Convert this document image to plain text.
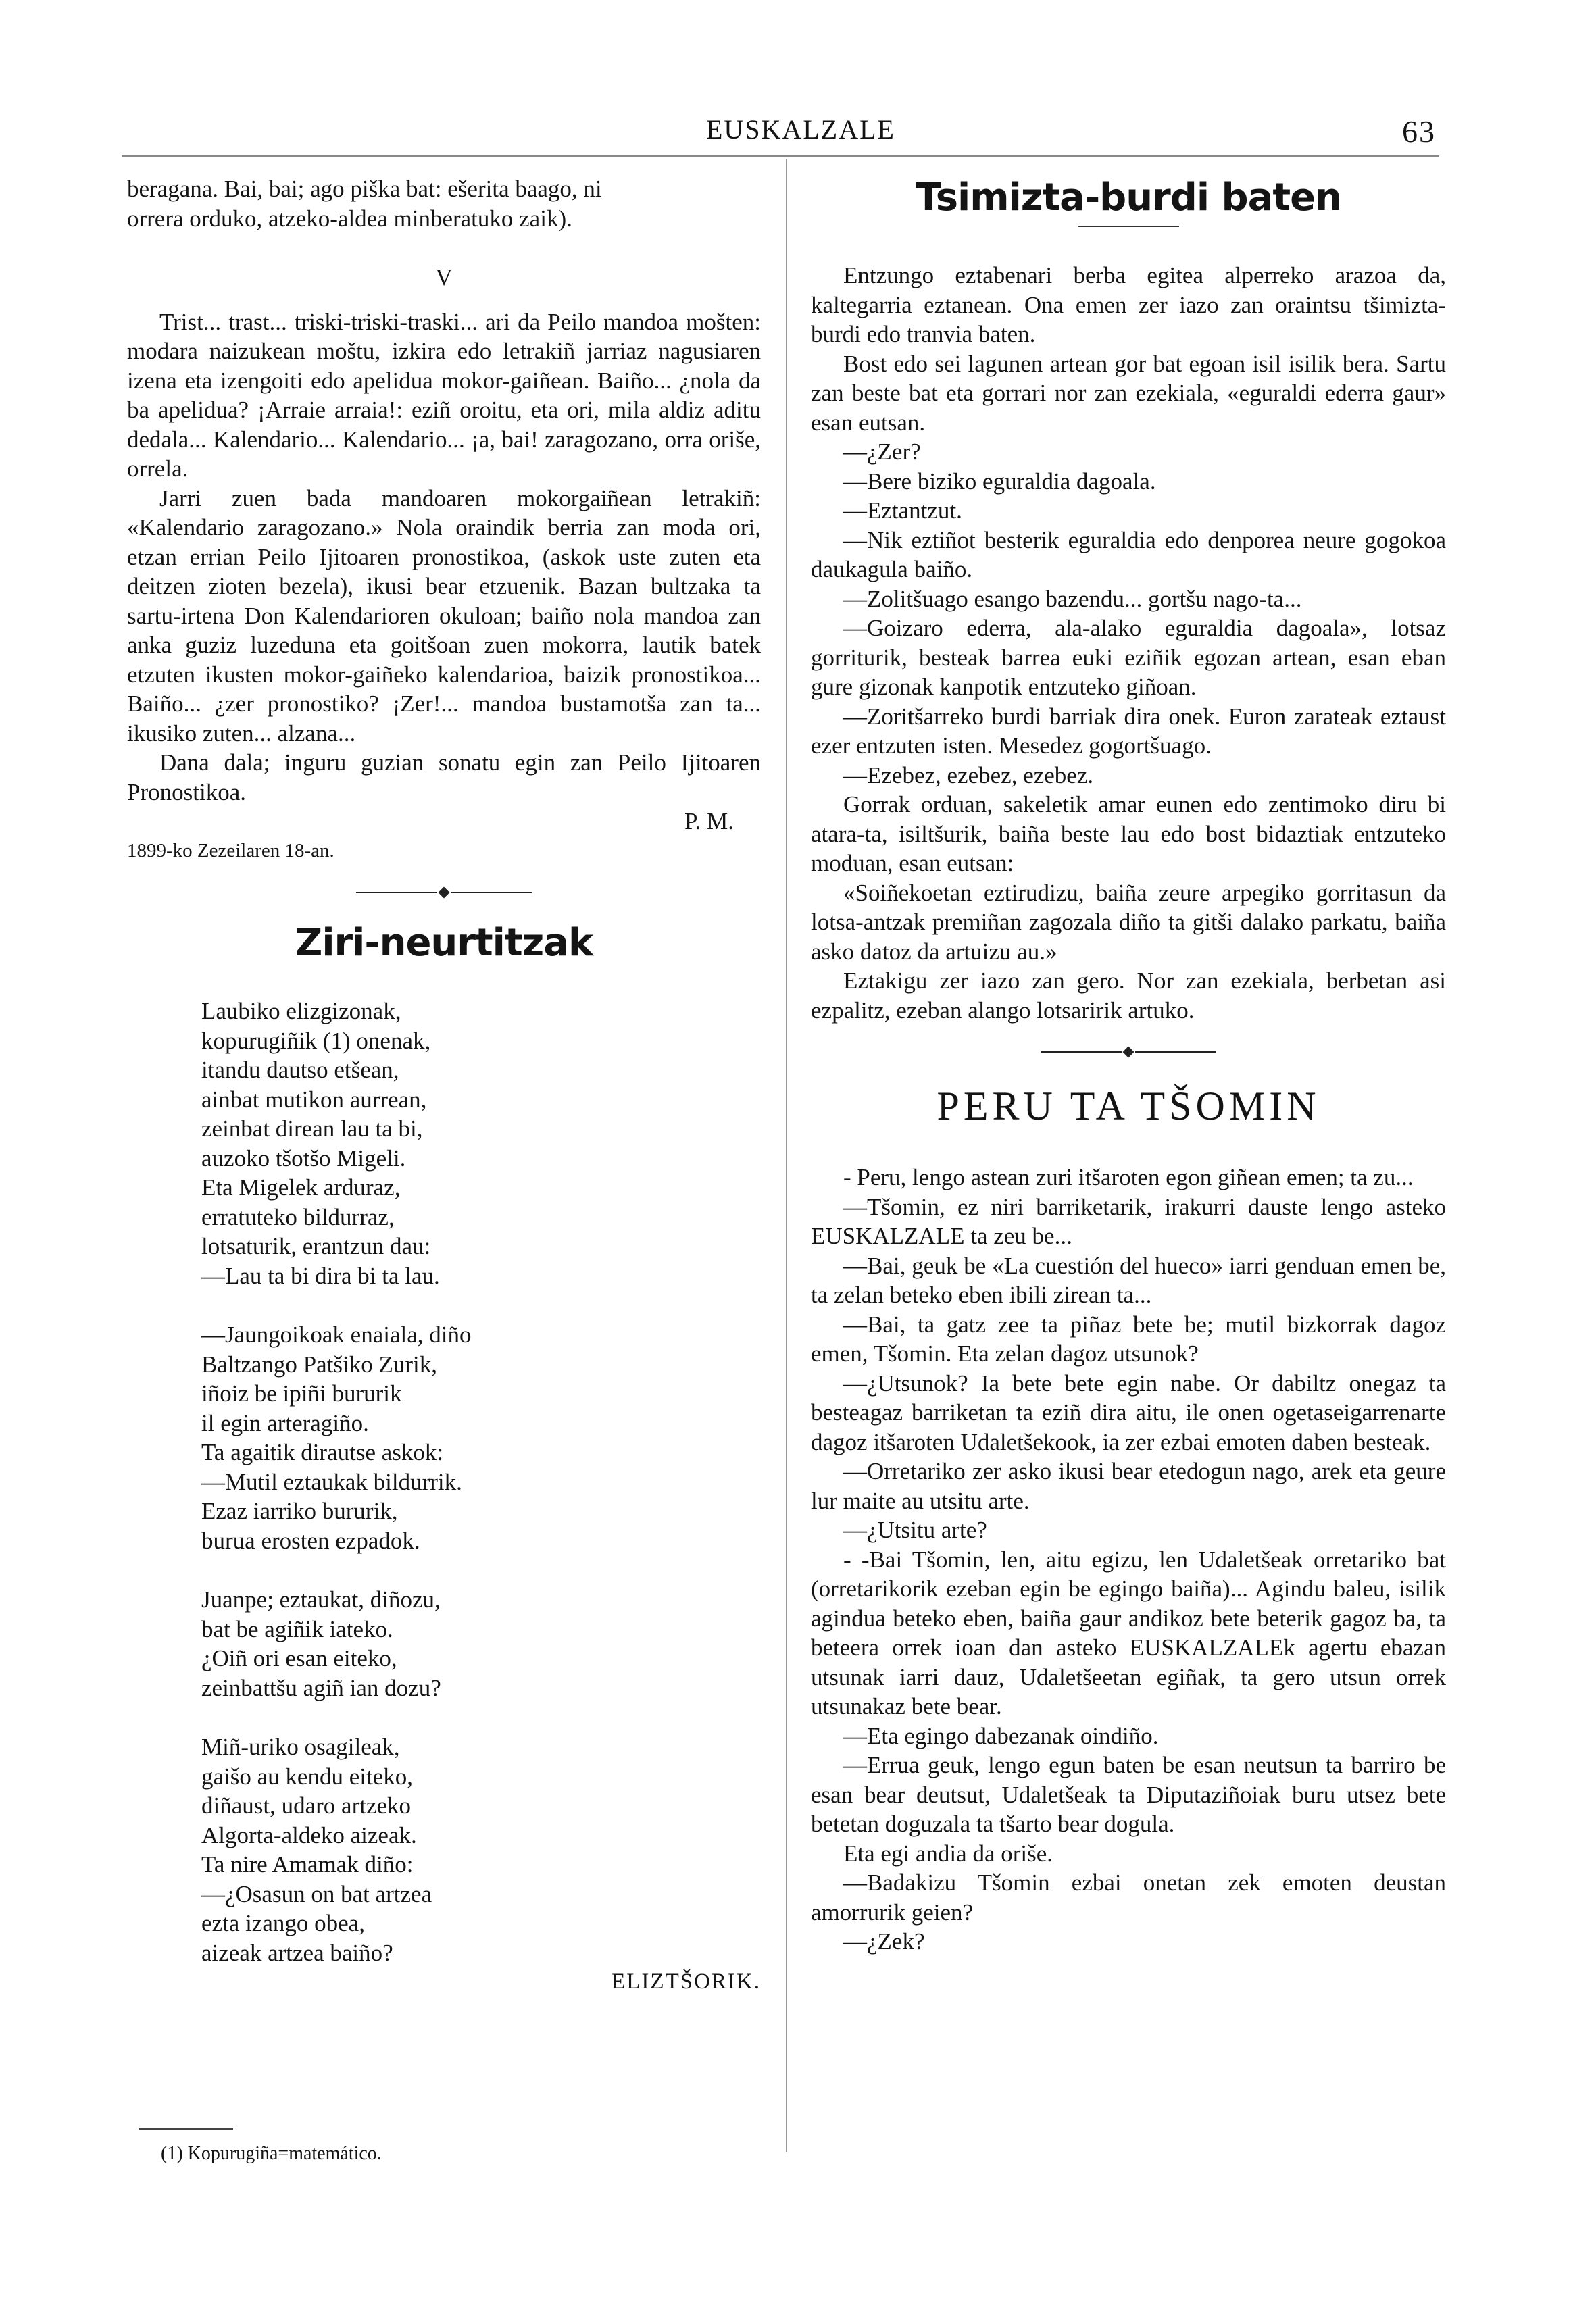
EUSKALZALE	63

beragana. Bai, bai; ago piška bat: ešerita baago, ni

orrera orduko, atzeko-aldea minberatuko zaik).

V

Trist... trast... triski-triski-traski... ari da Peilo mandoa mošten: modara naizukean moštu, izkira edo letrakiñ jarriaz nagusiaren izena eta izengoiti edo apelidua mokor-gaiñean. Baiño... ¿nola da ba apelidua? ¡Arraie arraia!: eziñ oroitu, eta ori, mila aldiz aditu dedala... Kalendario... Kalendario... ¡a, bai! zaragozano, orra oriše, orrela.

Jarri zuen bada mandoaren mokorgaiñean letrakiñ: «Kalendario zaragozano.» Nola oraindik berria zan moda ori, etzan errian Peilo Ijitoaren pronostikoa, (askok uste zuten eta deitzen zioten bezela), ikusi bear etzuenik. Bazan bultzaka ta sartu-irtena Don Kalendarioren okuloan; baiño nola mandoa zan anka guziz luzeduna eta goitšoan zuen mokorra, lautik batek etzuten ikusten mokor-gaiñeko kalendarioa, baizik pronostikoa... Baiño... ¿zer pronostiko? ¡Zer!... mandoa bustamotša zan ta... ikusiko zuten... alzana...

Dana dala; inguru guzian sonatu egin zan Peilo Ijitoaren Pronostikoa.

P. M.

1899-ko Zezeilaren 18-an.

Ziri-neurtitzak

Laubiko elizgizonak,

kopurugiñik (1) onenak,

itandu dautso etšean,

ainbat mutikon aurrean,

zeinbat direan lau ta bi,

auzoko tšotšo Migeli.

Eta Migelek arduraz,

erratuteko bildurraz,

lotsaturik, erantzun dau:

—Lau ta bi dira bi ta lau.

—Jaungoikoak enaiala, diño

Baltzango Patšiko Zurik,

iñoiz be ipiñi bururik

il egin arteragiño.

Ta agaitik dirautse askok:

—Mutil eztaukak bildurrik.

Ezaz iarriko bururik,

burua erosten ezpadok.

Juanpe; eztaukat, diñozu,

bat be agiñik iateko.

¿Oiñ ori esan eiteko,

zeinbattšu agiñ ian dozu?

Miñ-uriko osagileak,

gaišo au kendu eiteko,

diñaust, udaro artzeko

Algorta-aldeko aizeak.

Ta nire Amamak diño:

—¿Osasun on bat artzea

ezta izango obea,

aizeak artzea baiño?

ELIZTŠORIK.

(1) Kopurugiña=matemático.

Tsimizta-burdi baten

Entzungo eztabenari berba egitea alperreko arazoa da, kaltegarria eztanean. Ona emen zer iazo zan oraintsu tšimizta-burdi edo tranvia baten.

Bost edo sei lagunen artean gor bat egoan isil isilik bera. Sartu zan beste bat eta gorrari nor zan ezekiala, «eguraldi ederra gaur» esan eutsan.

—¿Zer?

—Bere biziko eguraldia dagoala.

—Eztantzut.

—Nik eztiñot besterik eguraldia edo denporea neure gogokoa daukagula baiño.

—Zolitšuago esango bazendu... gortšu nago-ta...

—Goizaro ederra, ala-alako eguraldia dagoala», lotsaz gorriturik, besteak barrea euki eziñik egozan artean, esan eban gure gizonak kanpotik entzuteko giñoan.

—Zoritšarreko burdi barriak dira onek. Euron zarateak eztaust ezer entzuten isten. Mesedez gogortšuago.

—Ezebez, ezebez, ezebez.

Gorrak orduan, sakeletik amar eunen edo zentimoko diru bi atara-ta, isiltšurik, baiña beste lau edo bost bidaztiak entzuteko moduan, esan eutsan:

«Soiñekoetan eztirudizu, baiña zeure arpegiko gorritasun da lotsa-antzak premiñan zagozala diño ta gitši dalako parkatu, baiña asko datoz da artuizu au.»

Eztakigu zer iazo zan gero. Nor zan ezekiala, berbetan asi ezpalitz, ezeban alango lotsaririk artuko.

PERU TA TŠOMIN

- Peru, lengo astean zuri itšaroten egon giñean emen; ta zu...

—Tšomin, ez niri barriketarik, irakurri dauste lengo asteko EUSKALZALE ta zeu be...

—Bai, geuk be «La cuestión del hueco» iarri genduan emen be, ta zelan beteko eben ibili zirean ta...

—Bai, ta gatz zee ta piñaz bete be; mutil bizkorrak dagoz emen, Tšomin. Eta zelan dagoz utsunok?

—¿Utsunok? Ia bete bete egin nabe. Or dabiltz onegaz ta besteagaz barriketan ta eziñ dira aitu, ile onen ogetaseigarrenarte dagoz itšaroten Udaletšekook, ia zer ezbai emoten daben besteak.

—Orretariko zer asko ikusi bear etedogun nago, arek eta geure lur maite au utsitu arte.

—¿Utsitu arte?

- -Bai Tšomin, len, aitu egizu, len Udaletšeak orretariko bat (orretarikorik ezeban egin be egingo baiña)... Agindu baleu, isilik agindua beteko eben, baiña gaur andikoz bete beterik gagoz ba, ta beteera orrek ioan dan asteko EUSKALZALEk agertu ebazan utsunak iarri dauz, Udaletšeetan egiñak, ta gero utsun orrek utsunakaz bete bear.

—Eta egingo dabezanak oindiño.

—Errua geuk, lengo egun baten be esan neutsun ta barriro be esan bear deutsut, Udaletšeak ta Diputaziñoiak buru utsez bete betetan doguzala ta tšarto bear dogula.

Eta egi andia da oriše.

—Badakizu Tšomin ezbai onetan zek emoten deustan amorrurik geien?

—¿Zek?
